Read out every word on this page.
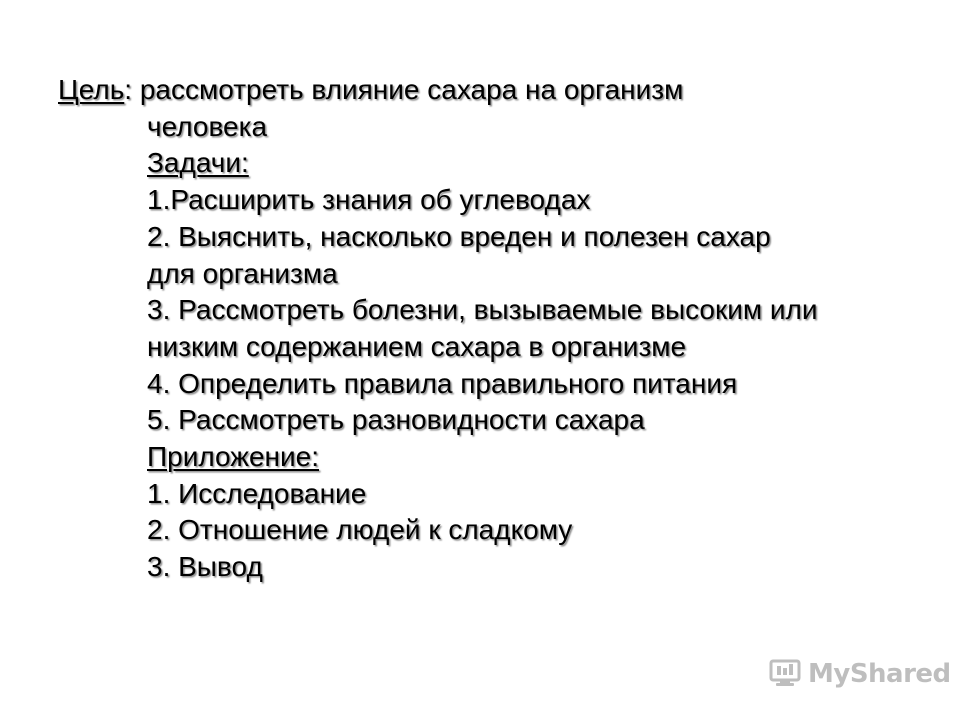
Цель: рассмотреть влияние сахара на организм
человека
Задачи:
1.Расширить знания об углеводах
2. Выяснить, насколько вреден и полезен сахар
для организма
3. Рассмотреть болезни, вызываемые высоким или
низким содержанием сахара в организме
4. Определить правила правильного питания
5. Рассмотреть разновидности сахара
Приложение:
1. Исследование
2. Отношение людей к сладкому
3. Вывод
MyShared
